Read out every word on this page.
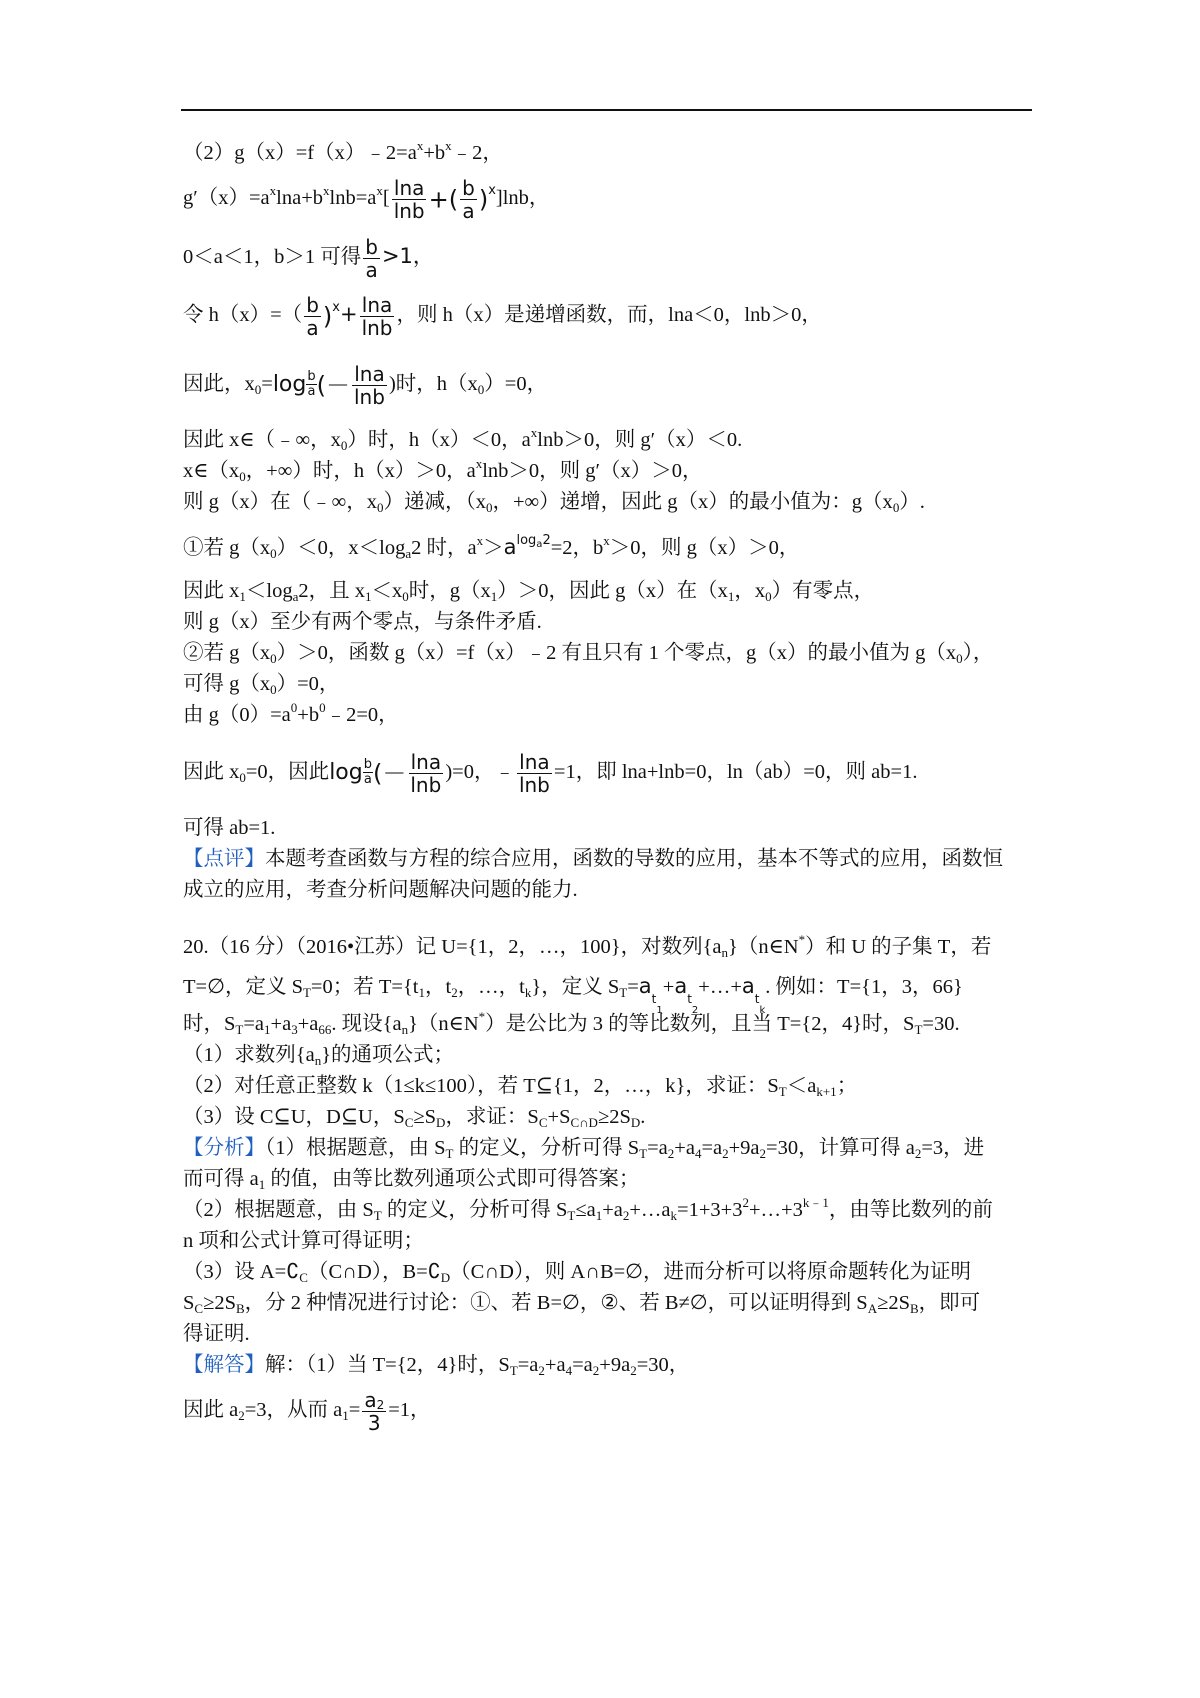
$(2)g(x)=f(x)﹣2=a^x+b^x﹣2$，
$g'(x)=a^x\ln a+b^x\ln b=a^x[ \frac{\ln a}{\ln b}$ +( $\frac{b}{a} )^x]\ln b$，
0＜a＜1，b＞1 可得 $\frac{b}{a} >1$，
令 $h(x)=( \frac{b}{a} )^x+ \frac{\ln a}{\ln b}$ ，则 h（x）是递增函数，而，lna＜0，lnb＞0，
因此，$x_0= \log b$
a (－ $\frac{\ln a}{\ln b}$ )时，$h(x_0)=0$，
因此 x∈（﹣∞，$x_0$）时，h（x）＜0，$a^x\ln b>0$，则 g′（x）＜0.
$x\in(x_0$，+∞）时，h（x）＞0，$a^x\ln b>0$，则 g′（x）＞0，
则 g（x）在（﹣∞，$x_0$）递减，（$x_0$，+∞）递增，因此 g（x）的最小值为：$g(x_0)$.
①若 $g(x_0)<0$，$x<\log_a2$ 时，$a^x>a^{log_a2}=2$，$b^x>0$，则 g（x）＞0，
因此 $x_1<\log_a2$，且 $x_1<x_0$时，$g(x_1)>0$，因此 g（x）在（$x_1$，$x_0$）有零点，
则 g（x）至少有两个零点，与条件矛盾.
②若 $g(x_0)>0$，函数 g（x）=f（x）﹣2 有且只有 1 个零点，g（x）的最小值为 $g(x_0)$，
可得 $g(x_0)=0$，
由 $g(0)=a^0+b^0﹣2=0$，
因此 $x_0=0$，因此 log b
a (－ $\frac{\ln a}{\ln b} )=0$，﹣ $\frac{\ln a}{\ln b} =1$，即 lna+lnb=0，ln（ab）=0，则 ab=1.
可得 ab=1.
【点评】本题考查函数与方程的综合应用，函数的导数的应用，基本不等式的应用，函数恒
成立的应用，考查分析问题解决问题的能力.
20.（16 分）（2016•江苏）记 U={1，2，…，100}，对数列$\{a_n\}(n\in N^*)$和 U 的子集 T，若
T=∅，定义 $S_T=0$；若 $T=\{t_1$，$t_2$，…，$t_k$}，定义 $S_T=a_{t_1}+a_{t_2}+\dots+a_{t_k}$. 例如：T={1，3，66}
时，$S_T=a_1+a_3+a_{66}$. 现设$\{a_n\}(n\in N^*)$是公比为 3 的等比数列，且当 T={2，4}时，$S_T=30$.
（1）求数列$\{a_n\}$的通项公式；
（2）对任意正整数 k（1≤k≤100），若 T⊆{1，2，…，k}，求证：$S_T<a_{k+1}$；
（3）设 C⊆U，D⊆U，$S_C\ge S_D$，求证：$S_C+S_{C\cap D}\ge 2S_D$.
【分析】（1）根据题意，由 $S_T$ 的定义，分析可得 $S_T=a_2+a_4=a_2+9a_2=30$，计算可得 $a_2=3$，进
而可得 $a_1$ 的值，由等比数列通项公式即可得答案；
（2）根据题意，由 $S_T$ 的定义，分析可得 $S_T\le a_1+a_2+\dots a_k=1+3+3^2+\dots+3^{k﹣1}$，由等比数列的前
n 项和公式计算可得证明；
（3）设 $A=∁_C(C\cap D)$，$B=∁_D(C\cap D)$，则 A∩B=∅，进而分析可以将原命题转化为证明
$S_C\ge 2S_B$，分 2 种情况进行讨论：①、若 B=∅，②、若 B≠∅，可以证明得到 $S_A\ge 2S_B$，即可
得证明.
【解答】解：（1）当 T={2，4}时，$S_T=a_2+a_4=a_2+9a_2=30$，
因此 $a_2=3$，从而 $a_1= \frac{a_2}{3} =1$，
